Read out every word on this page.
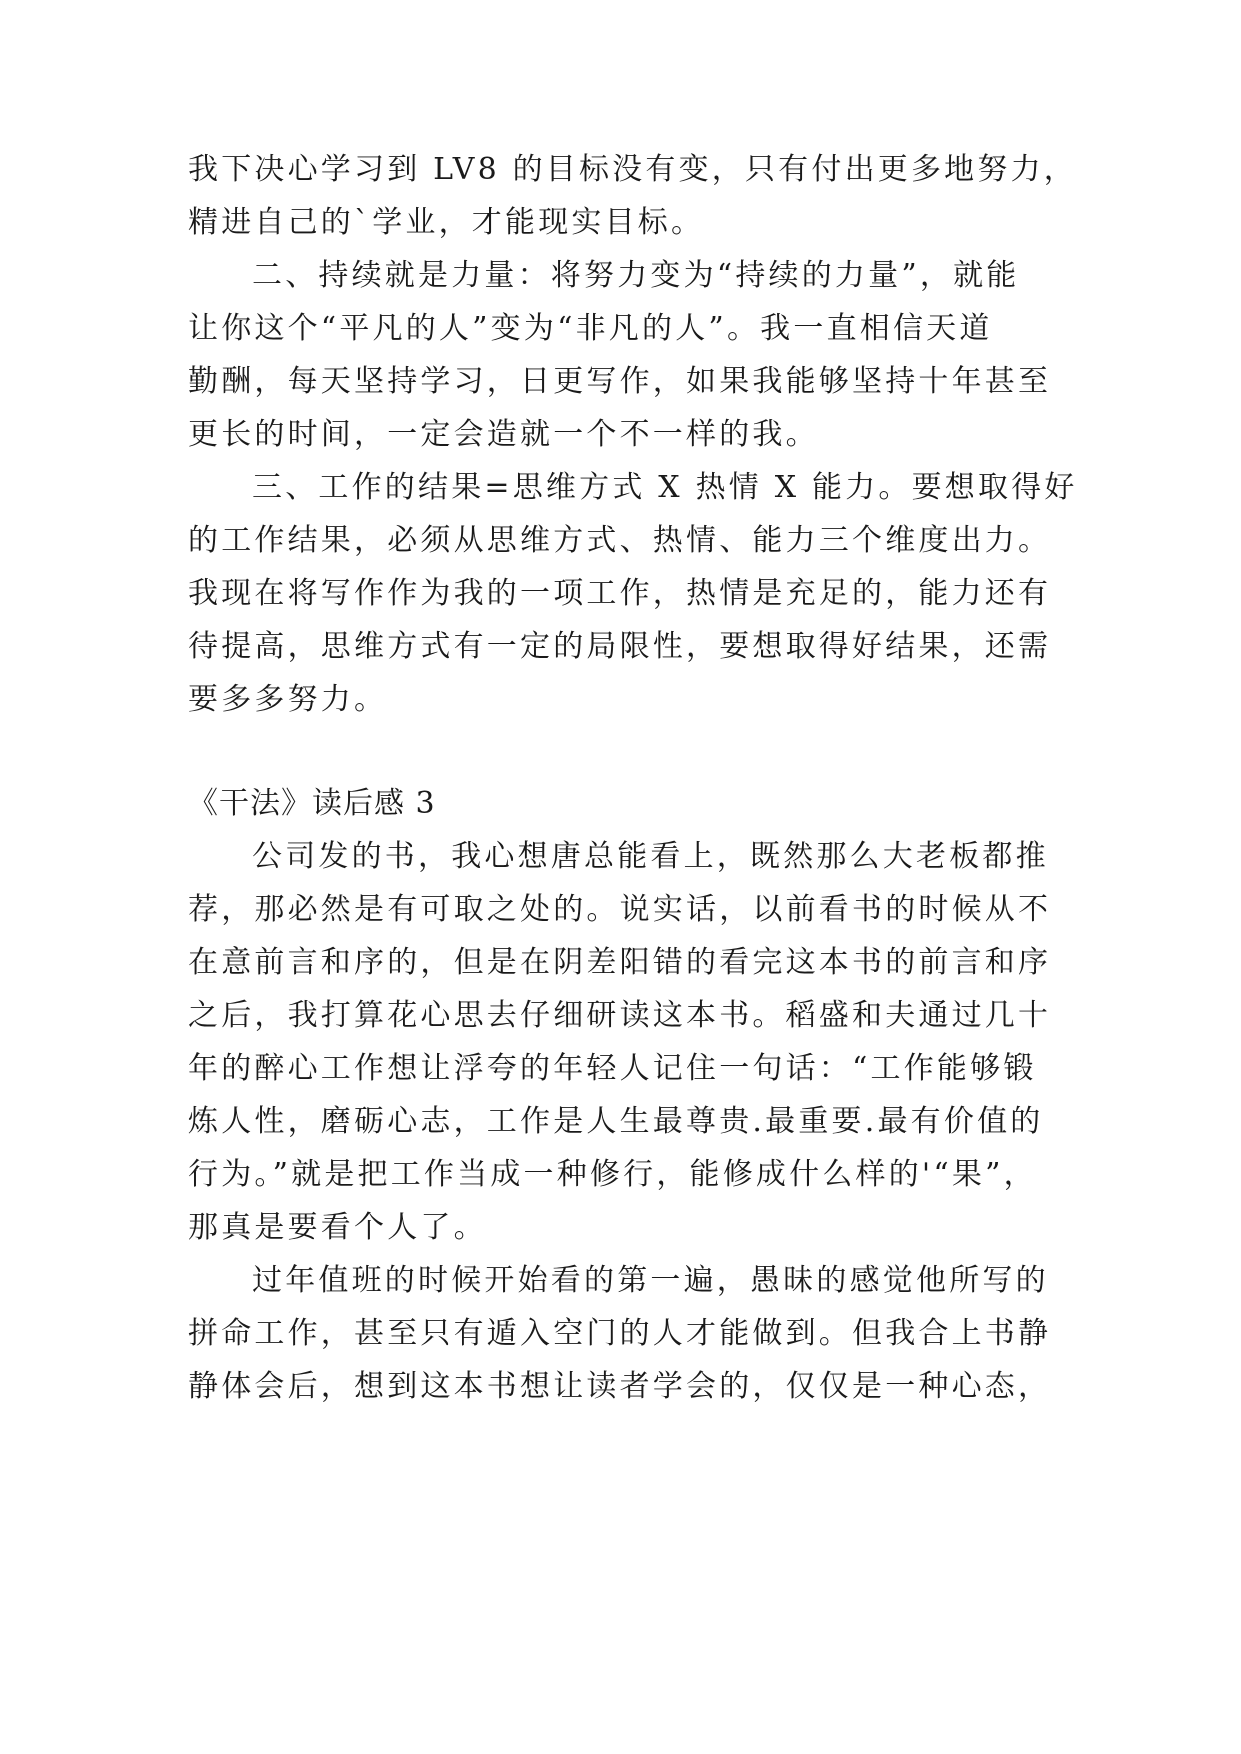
我下决心学习到 LV8 的目标没有变，只有付出更多地努力，
精进自己的`学业，才能现实目标。
二、持续就是力量：将努力变为“持续的力量”，就能
让你这个“平凡的人”变为“非凡的人”。我一直相信天道
勤酬，每天坚持学习，日更写作，如果我能够坚持十年甚至
更长的时间，一定会造就一个不一样的我。
三、工作的结果=思维方式 X 热情 X 能力。要想取得好
的工作结果，必须从思维方式、热情、能力三个维度出力。
我现在将写作作为我的一项工作，热情是充足的，能力还有
待提高，思维方式有一定的局限性，要想取得好结果，还需
要多多努力。
《干法》读后感 3
公司发的书，我心想唐总能看上，既然那么大老板都推
荐，那必然是有可取之处的。说实话，以前看书的时候从不
在意前言和序的，但是在阴差阳错的看完这本书的前言和序
之后，我打算花心思去仔细研读这本书。稻盛和夫通过几十
年的醉心工作想让浮夸的年轻人记住一句话：“工作能够锻
炼人性，磨砺心志，工作是人生最尊贵.最重要.最有价值的
行为。”就是把工作当成一种修行，能修成什么样的'“果”，
那真是要看个人了。
过年值班的时候开始看的第一遍，愚昧的感觉他所写的
拼命工作，甚至只有遁入空门的人才能做到。但我合上书静
静体会后，想到这本书想让读者学会的，仅仅是一种心态，
